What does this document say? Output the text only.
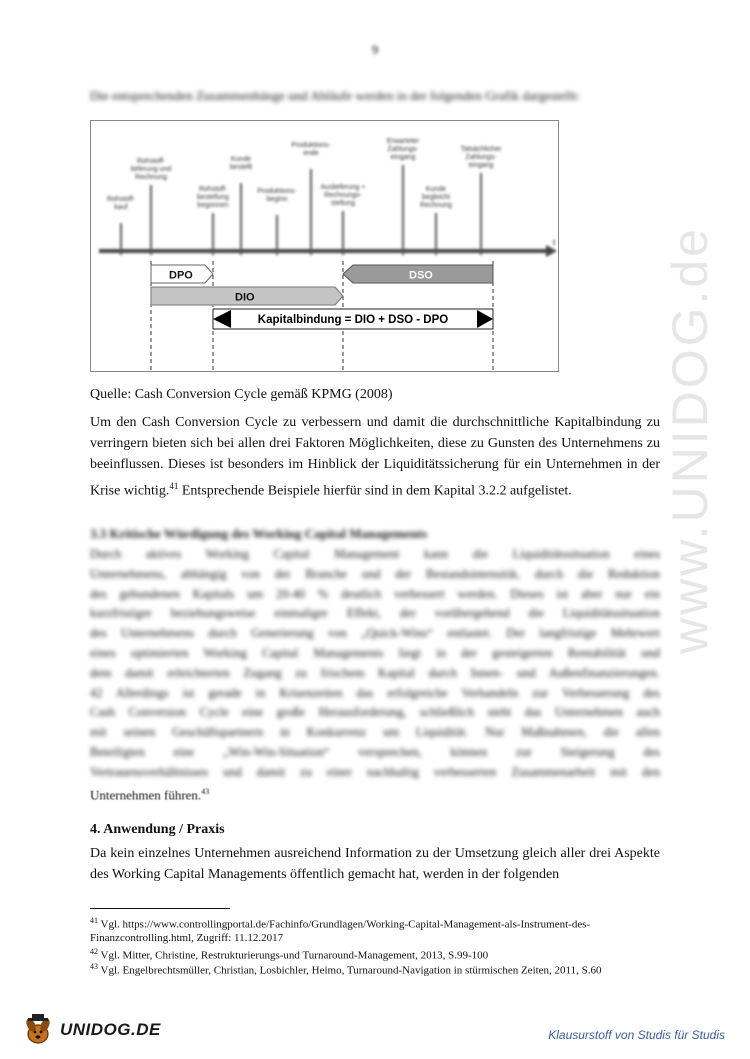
9
Die entsprechenden Zusammenhänge und Abläufe werden in der folgenden Grafik dargestellt:
Rohstoff-kauf
Rohstoff-lieferung und Rechnung
Rohstoff-bestellung begonnen
Kunde bestellt
Produktions-beginn
Produktions-ende
Auslieferung + Rechnungs-stellung
Erwarteter Zahlungs-eingang
Kunde begleicht Rechnung
Tatsächlicher Zahlungs-eingang
t
DPO	DSO
DIO
Kapitalbindung = DIO + DSO - DPO
Quelle: Cash Conversion Cycle gemäß KPMG (2008)
Um den Cash Conversion Cycle zu verbessern und damit die durchschnittliche Kapitalbindung zu verringern bieten sich bei allen drei Faktoren Möglichkeiten, diese zu Gunsten des Unternehmens zu beeinflussen. Dieses ist besonders im Hinblick der Liquiditätssicherung für ein Unternehmen in der Krise wichtig.$^{41}$ Entsprechende Beispiele hierfür sind in dem Kapital 3.2.2 aufgelistet.
3.3 Kritische Würdigung des Working Capital Managements
Durch aktives Working Capital Management kann die Liquiditätssituation eines
Unternehmens, abhängig von der Branche und der Bestandsintensität, durch die Reduktion
des gebundenen Kapitals um 20-40 % deutlich verbessert werden. Dieses ist aber nur ein
kurzfristiger beziehungsweise einmaliger Effekt, der vorübergehend die Liquiditätssituation
des Unternehmens durch Generierung von „Quick-Wins“ entlastet. Der langfristige Mehrwert
eines optimierten Working Capital Managements liegt in der gesteigerten Rentabilität und
dem damit erleichterten Zugang zu frischem Kapital durch Innen- und Außenfinanzierungen.
42 Allerdings ist gerade in Krisenzeiten das erfolgreiche Verhandeln zur Verbesserung des
Cash Conversion Cycle eine große Herausforderung, schließlich steht das Unternehmen auch
mit seinen Geschäftspartnern in Konkurrenz um Liquidität. Nur Maßnahmen, die allen
Beteiligten eine „Win-Win-Situation“ versprechen, können zur Steigerung des
Vertrauensverhältnisses und damit zu einer nachhaltig verbesserten Zusammenarbeit mit den
Unternehmen führen.$^{43}$
4. Anwendung / Praxis
Da kein einzelnes Unternehmen ausreichend Information zu der Umsetzung gleich aller drei Aspekte des Working Capital Managements öffentlich gemacht hat, werden in der folgenden
$^{41}$ Vgl. https://www.controllingportal.de/Fachinfo/Grundlagen/Working-Capital-Management-als-Instrument-des-Finanzcontrolling.html, Zugriff: 11.12.2017
$^{42}$ Vgl. Mitter, Christine, Restrukturierungs-und Turnaround-Management, 2013, S.99-100
$^{43}$ Vgl. Engelbrechtsmüller, Christian, Losbichler, Heimo, Turnaround-Navigation in stürmischen Zeiten, 2011, S.60
www.UNIDOG.de
UNIDOG.DE	Klausurstoff von Studis für Studis
